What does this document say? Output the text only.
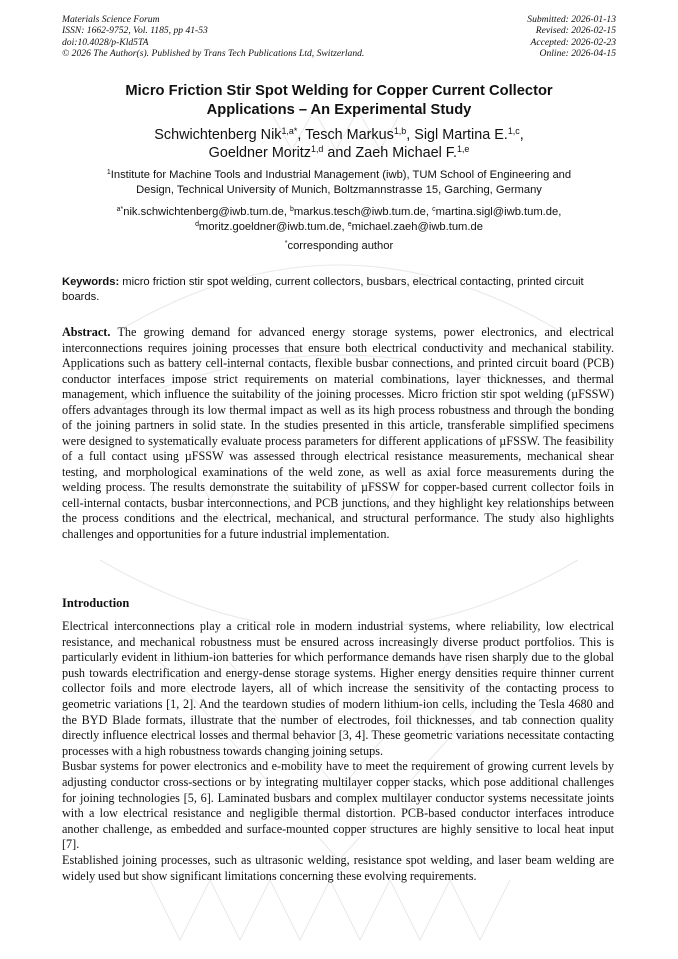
Materials Science Forum
ISSN: 1662-9752, Vol. 1185, pp 41-53
doi:10.4028/p-Kld5TA
© 2026 The Author(s). Published by Trans Tech Publications Ltd, Switzerland.
Submitted: 2026-01-13
Revised: 2026-02-15
Accepted: 2026-02-23
Online: 2026-04-15
Micro Friction Stir Spot Welding for Copper Current Collector
Applications – An Experimental Study
Schwichtenberg Nik$^{1,a*}$, Tesch Markus$^{1,b}$, Sigl Martina E.$^{1,c}$,
Goeldner Moritz$^{1,d}$ and Zaeh Michael F.$^{1,e}$
$^1$Institute for Machine Tools and Industrial Management (iwb), TUM School of Engineering and
Design, Technical University of Munich, Boltzmannstrasse 15, Garching, Germany
$^{a*}$nik.schwichtenberg@iwb.tum.de, $^b$markus.tesch@iwb.tum.de, $^c$martina.sigl@iwb.tum.de,
$^d$moritz.goeldner@iwb.tum.de, $^e$michael.zaeh@iwb.tum.de
*corresponding author
Keywords: micro friction stir spot welding, current collectors, busbars, electrical contacting, printed circuit boards.
Abstract. The growing demand for advanced energy storage systems, power electronics, and electrical interconnections requires joining processes that ensure both electrical conductivity and mechanical stability. Applications such as battery cell-internal contacts, flexible busbar connections, and printed circuit board (PCB) conductor interfaces impose strict requirements on material combinations, layer thicknesses, and thermal management, which influence the suitability of the joining processes. Micro friction stir spot welding (µFSSW) offers advantages through its low thermal impact as well as its high process robustness and through the bonding of the joining partners in solid state. In the studies presented in this article, transferable simplified specimens were designed to systematically evaluate process parameters for different applications of µFSSW. The feasibility of a full contact using µFSSW was assessed through electrical resistance measurements, mechanical shear testing, and morphological examinations of the weld zone, as well as axial force measurements during the welding process. The results demonstrate the suitability of µFSSW for copper-based current collector foils in cell-internal contacts, busbar interconnections, and PCB junctions, and they highlight key relationships between the process conditions and the electrical, mechanical, and structural performance. The study also highlights challenges and opportunities for a future industrial implementation.
Introduction

Electrical interconnections play a critical role in modern industrial systems, where reliability, low electrical resistance, and mechanical robustness must be ensured across increasingly diverse product portfolios. This is particularly evident in lithium-ion batteries for which performance demands have risen sharply due to the global push towards electrification and energy-dense storage systems. Higher energy densities require thinner current collector foils and more electrode layers, all of which increase the sensitivity of the contacting process to geometric variations [1, 2]. And the teardown studies of modern lithium-ion cells, including the Tesla 4680 and the BYD Blade formats, illustrate that the number of electrodes, foil thicknesses, and tab connection quality directly influence electrical losses and thermal behavior [3, 4]. These geometric variations necessitate contacting processes with a high robustness towards changing joining setups.

Busbar systems for power electronics and e-mobility have to meet the requirement of growing current levels by adjusting conductor cross-sections or by integrating multilayer copper stacks, which pose additional challenges for joining technologies [5, 6]. Laminated busbars and complex multilayer conductor systems necessitate joints with a low electrical resistance and negligible thermal distortion. PCB-based conductor interfaces introduce another challenge, as embedded and surface-mounted copper structures are highly sensitive to local heat input [7].

Established joining processes, such as ultrasonic welding, resistance spot welding, and laser beam welding are widely used but show significant limitations concerning these evolving requirements.
